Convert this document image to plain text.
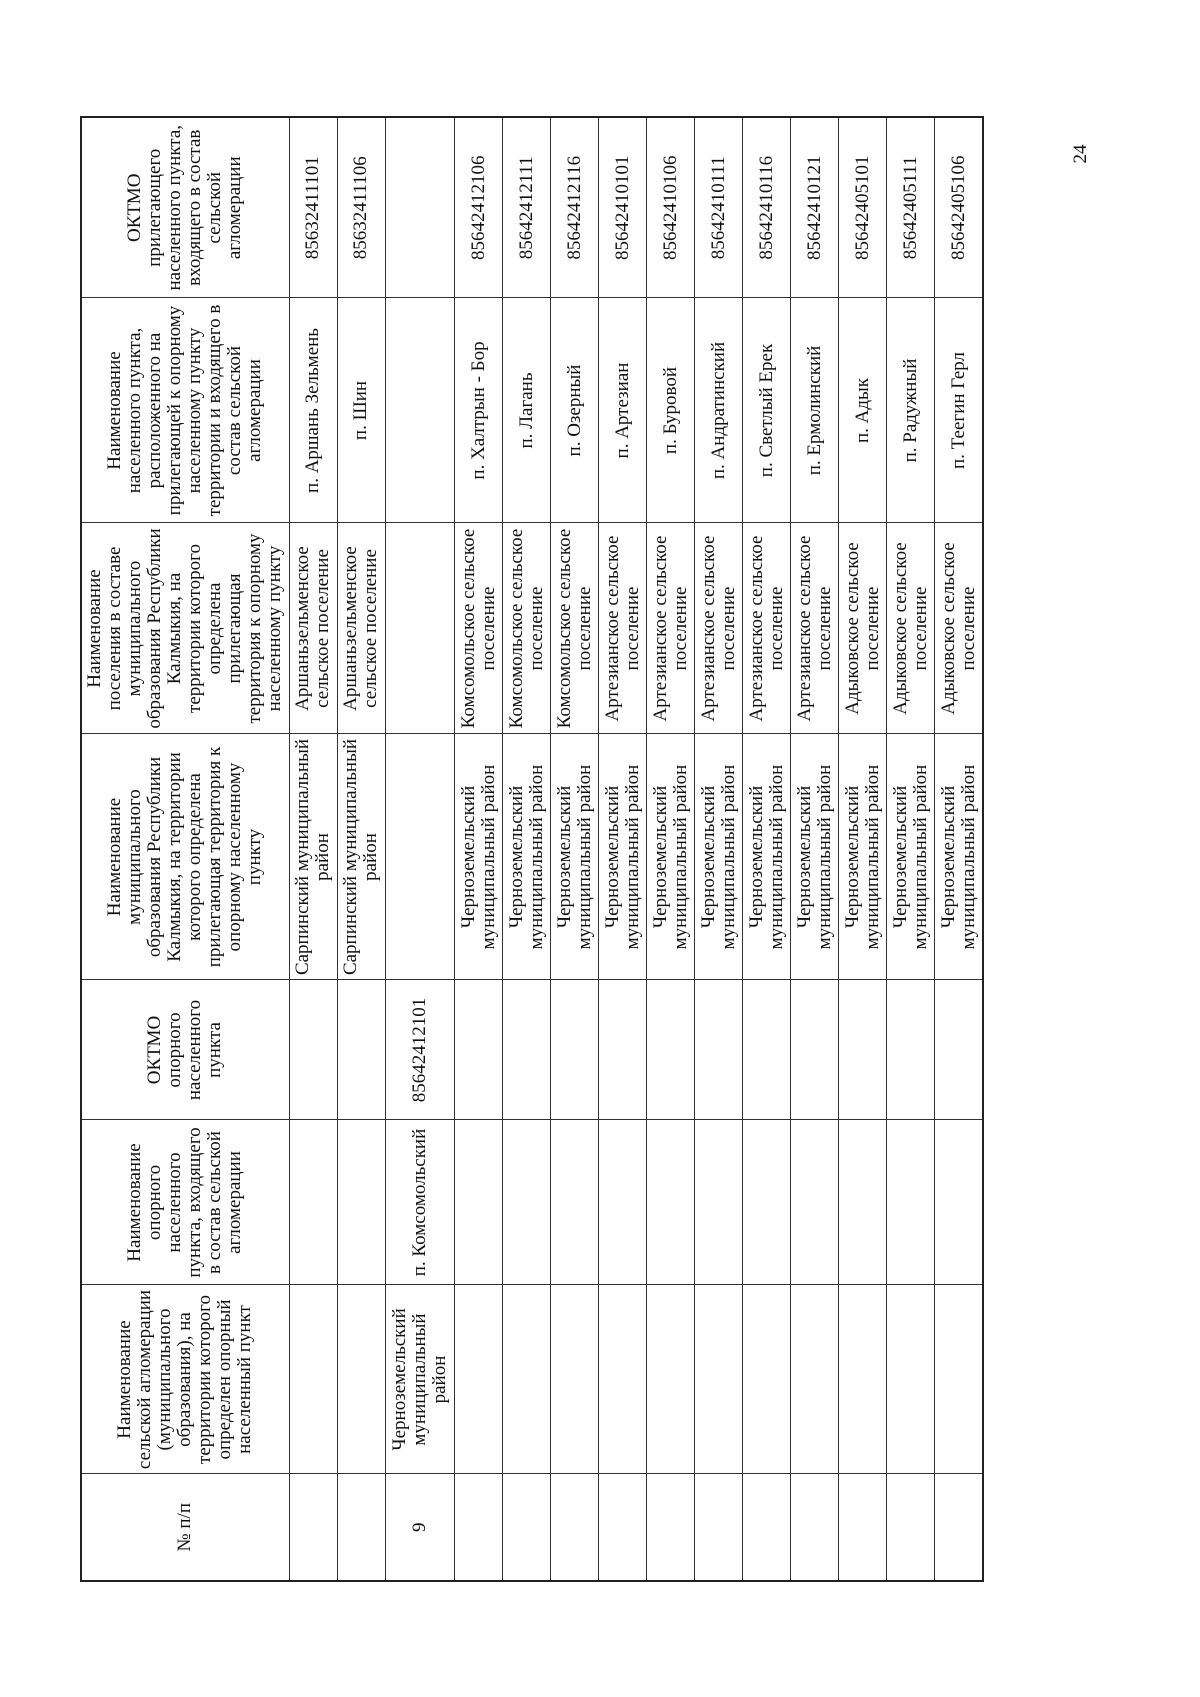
24
№ п/п	Наименование сельской агломерации (муниципального образования), на территории которого определен опорный населенный пункт	Наименование опорного населенного пункта, входящего в состав сельской агломерации	ОКТМО опорного населенного пункта	Наименование муниципального образования Республики Калмыкия, на территории которого определена прилегающая территория к опорному населенному пункту	Наименование поселения в составе муниципального образования Республики Калмыкия, на территории которого определена прилегающая территория к опорному населенному пункту	Наименование населенного пункта, расположенного на прилегающей к опорному населенному пункту территории и входящего в состав сельской агломерации	ОКТМО прилегающего населенного пункта, входящего в состав сельской агломерации
				Сарпинский муниципальный район	Аршаньзельменское сельское поселение	п. Аршань Зельмень	85632411101
				Сарпинский муниципальный район	Аршаньзельменское сельское поселение	п. Шин	85632411106
9	Черноземельский муниципальный район	п. Комсомольский	85642412101				
				Черноземельский муниципальный район	Комсомольское сельское поселение	п. Халтрын - Бор	85642412106
				Черноземельский муниципальный район	Комсомольское сельское поселение	п. Лагань	85642412111
				Черноземельский муниципальный район	Комсомольское сельское поселение	п. Озерный	85642412116
				Черноземельский муниципальный район	Артезианское сельское поселение	п. Артезиан	85642410101
				Черноземельский муниципальный район	Артезианское сельское поселение	п. Буровой	85642410106
				Черноземельский муниципальный район	Артезианское сельское поселение	п. Андратинский	85642410111
				Черноземельский муниципальный район	Артезианское сельское поселение	п. Светлый Ерек	85642410116
				Черноземельский муниципальный район	Артезианское сельское поселение	п. Ермолинский	85642410121
				Черноземельский муниципальный район	Адыковское сельское поселение	п. Адык	85642405101
				Черноземельский муниципальный район	Адыковское сельское поселение	п. Радужный	85642405111
				Черноземельский муниципальный район	Адыковское сельское поселение	п. Теегин Герл	85642405106
